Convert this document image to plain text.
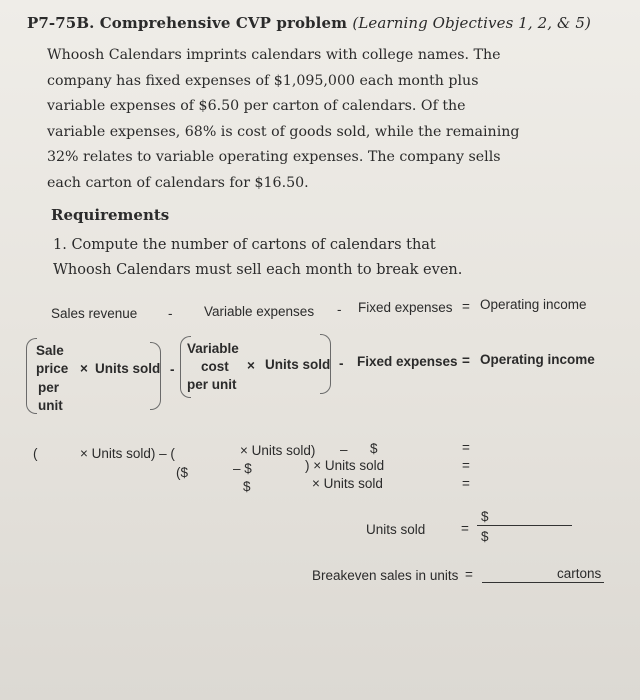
P7-75B. Comprehensive CVP problem (Learning Objectives 1, 2, & 5)
Whoosh Calendars imprints calendars with college names. The company has fixed expenses of $1,095,000 each month plus variable expenses of $6.50 per carton of calendars. Of the variable expenses, 68% is cost of goods sold, while the remaining 32% relates to variable operating expenses. The company sells each carton of calendars for $16.50.
Requirements
1. Compute the number of cartons of calendars that Whoosh Calendars must sell each month to break even.
Sales revenue - Variable expenses - Fixed expenses = Operating income
Sale
price
per
unit
× Units sold -
Variable
cost
per unit
× Units sold - Fixed expenses = Operating income
(	× Units sold) – (	× Units sold) – $	=
($	– $	) × Units sold	=
$	× Units sold	=
Units sold	=
$
$
Breakeven sales in units =	cartons
